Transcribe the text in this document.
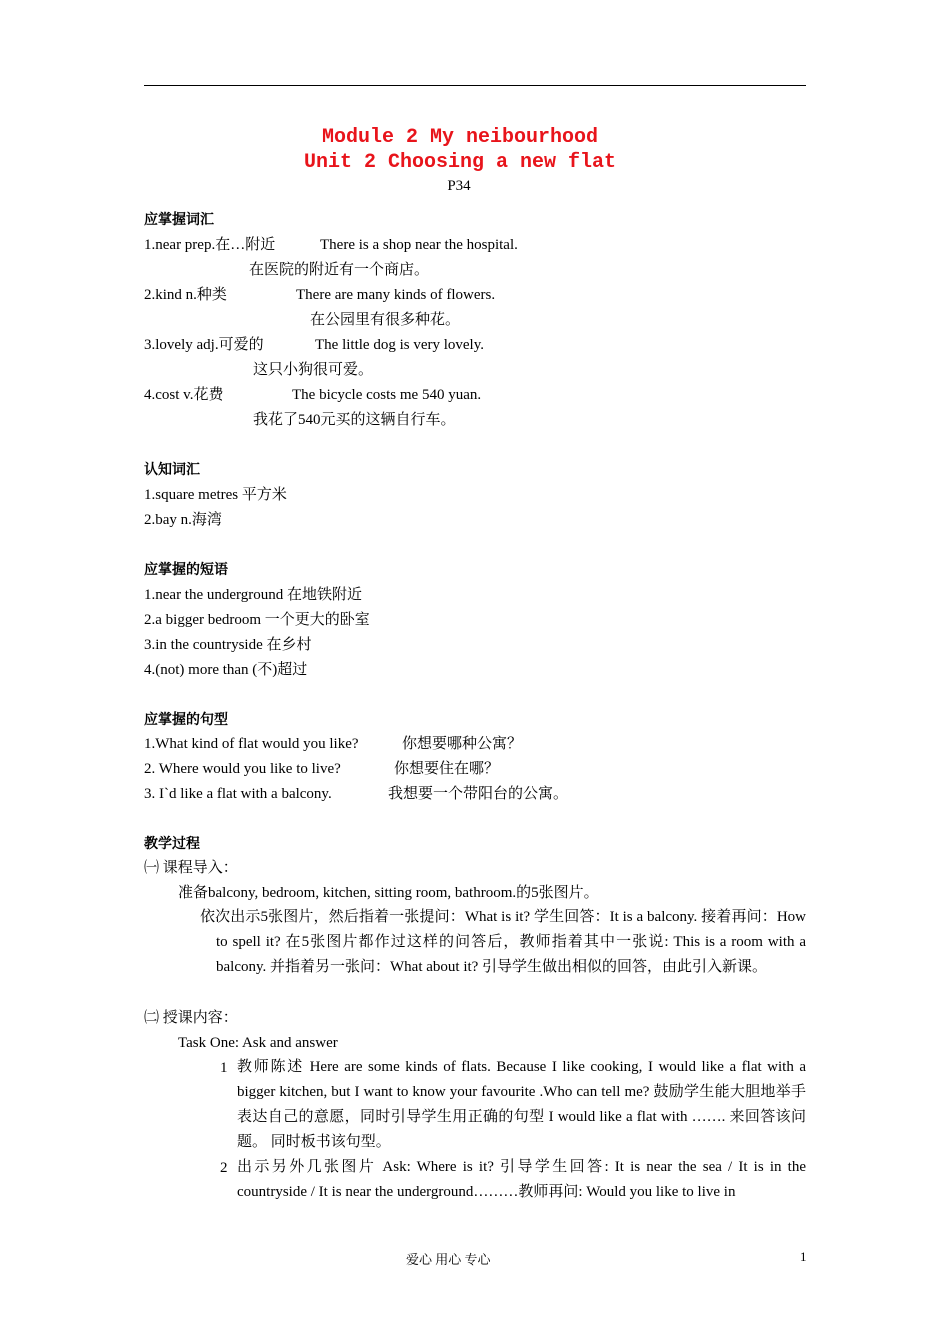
Module 2 My neibourhood
Unit 2 Choosing a new flat
P34
应掌握词汇
1.near prep.在…附近	There is a shop near the hospital.
在医院的附近有一个商店。
2.kind n.种类	There are many kinds of flowers.
在公园里有很多种花。
3.lovely adj.可爱的	The little dog is very lovely.
这只小狗很可爱。
4.cost v.花费	The bicycle costs me 540 yuan.
我花了540元买的这辆自行车。
认知词汇
1.square metres 平方米
2.bay n.海湾
应掌握的短语
1.near the underground 在地铁附近
2.a bigger bedroom 一个更大的卧室
3.in the countryside 在乡村
4.(not) more than (不)超过
应掌握的句型
1.What kind of flat would you like?	你想要哪种公寓？
2. Where would you like to live?	你想要住在哪？
3. I`d like a flat with a balcony.	我想要一个带阳台的公寓。
教学过程
㈠ 课程导入：
准备balcony, bedroom, kitchen, sitting room, bathroom.的5张图片。
依次出示5张图片，然后指着一张提问：What is it? 学生回答：It is a balcony. 接着再问：How to spell it? 在5张图片都作过这样的问答后，教师指着其中一张说: This is a room with a balcony. 并指着另一张问：What about it? 引导学生做出相似的回答，由此引入新课。
㈡ 授课内容：
Task One: Ask and answer
1 教师陈述 Here are some kinds of flats. Because I like cooking, I would like a flat with a bigger kitchen, but I want to know your favourite .Who can tell me? 鼓励学生能大胆地举手表达自己的意愿，同时引导学生用正确的句型 I would like a flat with ……. 来回答该问题。 同时板书该句型。
2 出示另外几张图片 Ask: Where is it? 引导学生回答: It is near the sea / It is in the countryside / It is near the underground………教师再问: Would you like to live in
爱心 用心 专心	1
